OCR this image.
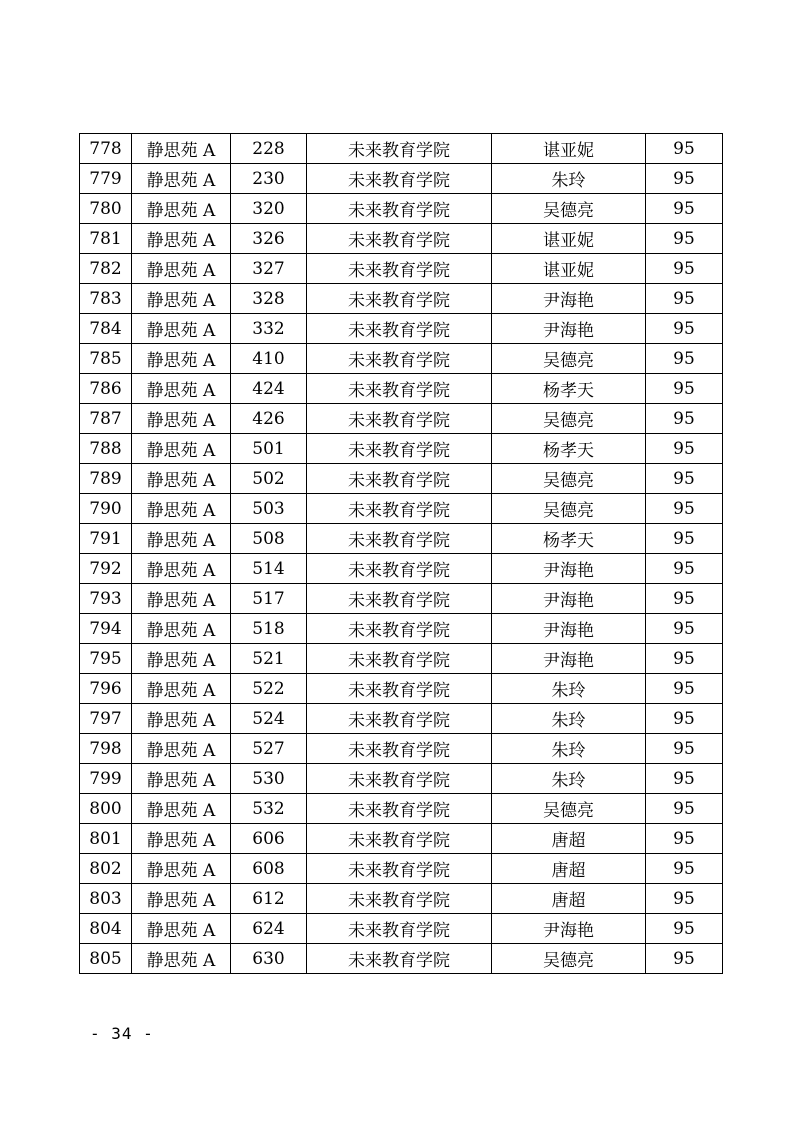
778	静思苑 A	228	未来教育学院	谌亚妮	95
779	静思苑 A	230	未来教育学院	朱玲	95
780	静思苑 A	320	未来教育学院	吴德亮	95
781	静思苑 A	326	未来教育学院	谌亚妮	95
782	静思苑 A	327	未来教育学院	谌亚妮	95
783	静思苑 A	328	未来教育学院	尹海艳	95
784	静思苑 A	332	未来教育学院	尹海艳	95
785	静思苑 A	410	未来教育学院	吴德亮	95
786	静思苑 A	424	未来教育学院	杨孝天	95
787	静思苑 A	426	未来教育学院	吴德亮	95
788	静思苑 A	501	未来教育学院	杨孝天	95
789	静思苑 A	502	未来教育学院	吴德亮	95
790	静思苑 A	503	未来教育学院	吴德亮	95
791	静思苑 A	508	未来教育学院	杨孝天	95
792	静思苑 A	514	未来教育学院	尹海艳	95
793	静思苑 A	517	未来教育学院	尹海艳	95
794	静思苑 A	518	未来教育学院	尹海艳	95
795	静思苑 A	521	未来教育学院	尹海艳	95
796	静思苑 A	522	未来教育学院	朱玲	95
797	静思苑 A	524	未来教育学院	朱玲	95
798	静思苑 A	527	未来教育学院	朱玲	95
799	静思苑 A	530	未来教育学院	朱玲	95
800	静思苑 A	532	未来教育学院	吴德亮	95
801	静思苑 A	606	未来教育学院	唐超	95
802	静思苑 A	608	未来教育学院	唐超	95
803	静思苑 A	612	未来教育学院	唐超	95
804	静思苑 A	624	未来教育学院	尹海艳	95
805	静思苑 A	630	未来教育学院	吴德亮	95
- 34 -
